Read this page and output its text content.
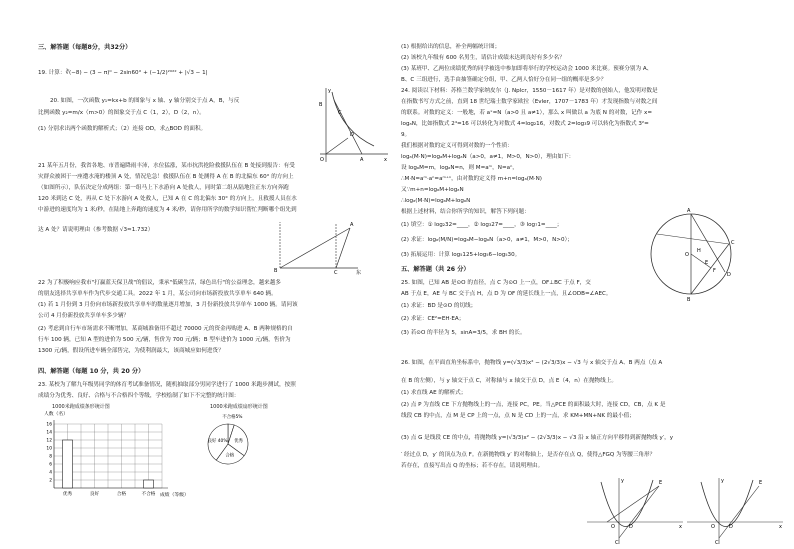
三、解答题（每题8分，共32分）
19. 计算：∛(−8) − (3 − π)⁰ − 2sin60° + (−1/2)²⁰²² + |√3 − 1|
20. 如图，一次函数 y₁=kx+b 的图象与 x 轴、y 轴分别交于点 A，B，与反
比例函数 y₂=m/x（m>0）的图象交于点 C（1，2），D（2，n）。
(1) 分别求出两个函数的解析式；（2）连接 OD，求△BOD 的面积。
O	x
y
C
D
A
B
21 某年五月份，我省各地、市普遍降雨丰沛，水位猛涨，某市抗洪抢险救援队伍在 B 处接到报告：有受
灾群众被困于一座遭水淹的楼顶 A 处，情况危急！救援队伍在 B 处测得 A 在 B 的北偏东 60° 的方向上
（如图所示），队伍决定分成两组：第一组马上下水游向 A 处救人，同时第二组从陆地往正东方向奔跑
120 米到达 C 处，再从 C 处下水游向 A 处救人，已知 A 在 C 的北偏东 30° 的方向上，且救援人员在水
中游进的速度均为 1 米/秒，在陆地上奔跑的速度为 4 米/秒，请你用所学的数学知识帮忙判断哪个组先到
达 A 处？请说明理由（参考数据 √3≈1.732）
B	C
A
东
22 为了积极响应我市"打赢蓝天保卫战"的倡议，秉承"低碳生活，绿色出行"的公益理念，越来越多
的朋友选择共享单车作为代步交通工具。2022 年 1 月，某公司向市场新投放共享单车 640 辆。
(1) 若 1 月份到 3 月份向市场新投放共享单车的数量逐月增加，3 月份新投放共享单车 1000 辆。请问该
公司 4 月份新投放共享单车多少辆？
(2) 考虑到自行车市场需求不断增加，某商城准备用不超过 70000 元的资金再购进 A、B 两种规格的自
行车 100 辆，已知 A 型的进价为 500 元/辆，售价为 700 元/辆；B 型车进价为 1000 元/辆，售价为
1300 元/辆，假设所进车辆全部售完，为使利润最大，该商城应如何进货？
四、解答题（每题 10 分，共 20 分）
23. 某校为了解九年级男同学的体育考试准备情况，随机抽取部分男同学进行了 1000 米跑步测试，按照
成绩分为优秀、良好、合格与不合格四个等级，学校绘制了如下不完整的统计图：
1000米跑成绩条形统计图
人数（名）
成绩（等级）
16
14
12
10
8
6
4
2
优秀	良好	合格	不合格
1000米跑成绩扇形统计图
不合格5%
优秀
合格
良好 40%
(1) 根据给出的信息，补全两幅统计图；
(2) 该校九年级有 600 名男生，请估计成绩未达到良好有多少名？
(3) 某班甲、乙两位成绩优秀的同学被选中参加即将举行的学校运动会 1000 米比赛。预赛分别为 A、
B、C 三组进行，选手由抽签确定分组，甲、乙两人恰好分在同一组的概率是多少？
24. 阅读以下材料：苏格兰数学家纳皮尔（J. Nplcr，1550－1617 年）是对数的创始人，他发明对数是
在指数书写方式之前，直到 18 世纪瑞士数学家欧拉（Evler，1707－1783 年）才发现指数与对数之间
的联系。对数的定义：一般地，若 aˣ=N（a>0 且 a≠1），那么 x 叫做以 a 为底 N 的对数，记作 x=
logₐN，比如指数式 2⁴=16 可以转化为对数式 4=log₂16，对数式 2=log₃9 可以转化为指数式 3²=
9。
我们根据对数的定义可得到对数的一个性质：
logₐ(M·N)=logₐM+logₐN（a>0，a≠1，M>0，N>0），理由如下：
设 logₐM=m，logₐN=n，则 M=aᵐ，N=aⁿ，
∴M·N=aᵐ·aⁿ=aᵐ⁺ⁿ，由对数的定义得 m+n=logₐ(M·N)
又∵m+n=logₐM+logₐN
∴logₐ(M·N)=logₐM+logₐN
根据上述材料，结合你所学的知识，解答下列问题：
(1) 填空：① log₂32=____，② log₃27=____，③ log₇1=____；
(2) 求证：logₐ(M/N)=logₐM−logₐN（a>0，a≠1，M>0，N>0）；
(3) 拓展运用：计算 log₅125+log₅6−log₅30。
A
B
C
O
D
E
F
H
五、解答题（共 26 分）
25. 如图，已知 AB 是⊙O 的直径，点 C 为⊙O 上一点，OF⊥BC 于点 F，交
AB 于点 E，AE 与 BC 交于点 H，点 D 为 OF 的延长线上一点，且∠ODB=∠AEC。
(1) 求证：BD 是⊙O 的切线；
(2) 求证：CE²=EH·EA；
(3) 若⊙O 的半径为 5，sinA=3/5，求 BH 的长。
26. 如图，在平面直角坐标系中，抛物线 y=(√3/3)x² − (2√3/3)x − √3 与 x 轴交于点 A、B 两点（点 A
在 B 的左侧），与 y 轴交于点 C，对称轴与 x 轴交于点 D，点 E（4，n）在抛物线上。
(1) 求直线 AE 的解析式；
(2) 点 P 为直线 CE 下方抛物线上的一点，连接 PC，PE。当△PCE 的面积最大时，连接 CD，CB，点 K 是
线段 CB 的中点，点 M 是 CP 上的一点，点 N 是 CD 上的一点，求 KM+MN+NK 的最小值；
(3) 点 G 是线段 CE 的中点，将抛物线 y=(√3/3)x² − (2√3/3)x − √3 沿 x 轴正方向平移得到新抛物线 y′，y
′ 经过点 D，y′ 的顶点为点 F。在新抛物线 y′ 的对称轴上，是否存在点 Q，使得△FGQ 为等腰三角形？
若存在，直接写出点 Q 的坐标；若不存在，请说明理由。
O	D
C
E
x
y
O	D
C
E
x
y
